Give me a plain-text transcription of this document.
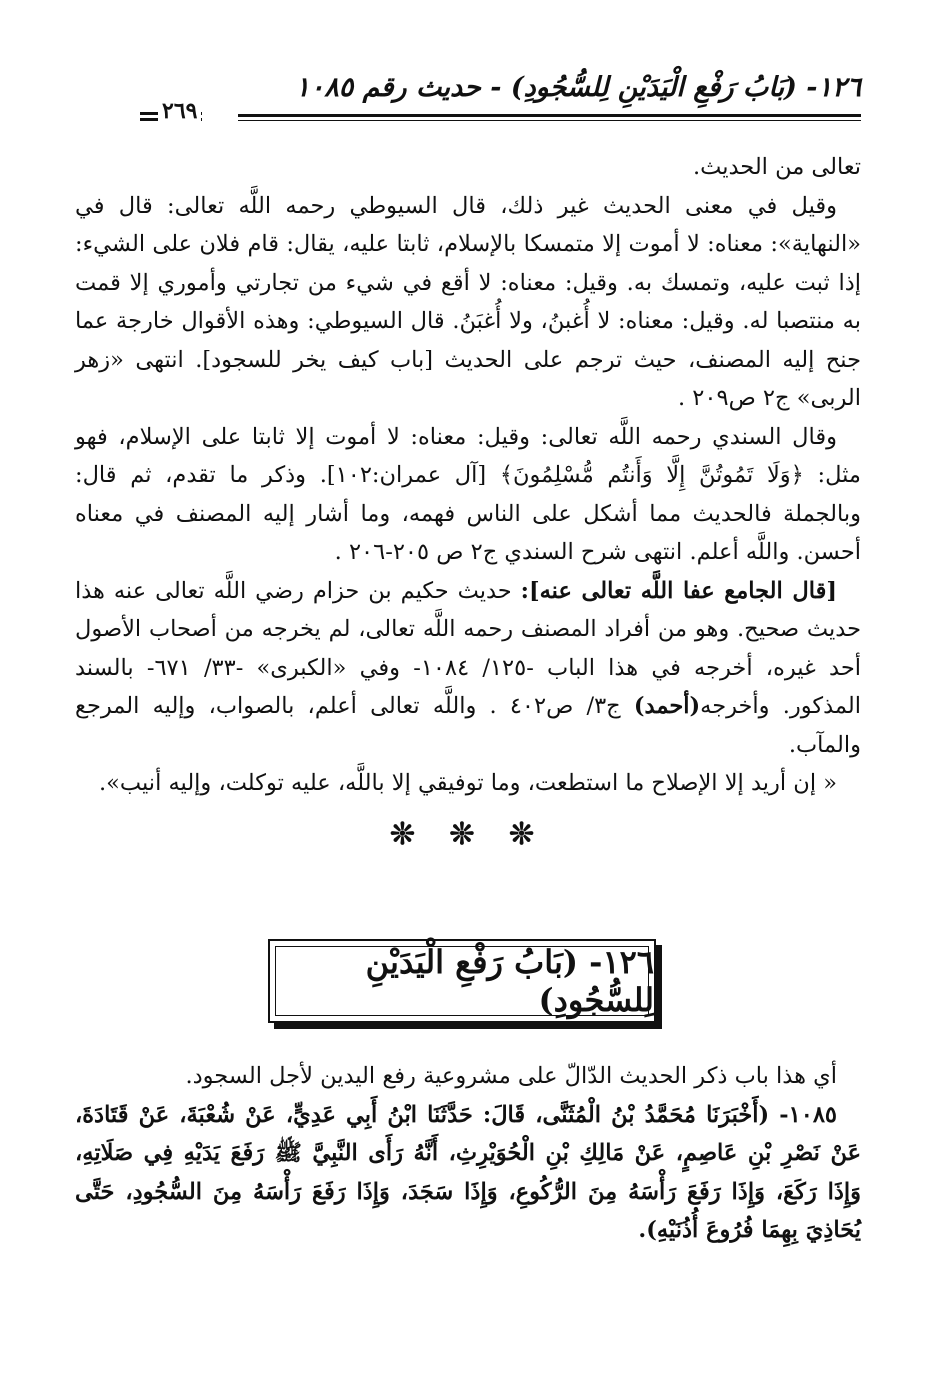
١٢٦- (بَابُ رَفْعِ الْيَدَيْنِ لِلسُّجُودِ) - حديث رقم ١٠٨٥
٢٦٩

تعالى من الحديث.

وقيل في معنى الحديث غير ذلك، قال السيوطي رحمه اللَّه تعالى: قال في «النهاية»: معناه: لا أموت إلا متمسكا بالإسلام، ثابتا عليه، يقال: قام فلان على الشيء: إذا ثبت عليه، وتمسك به. وقيل: معناه: لا أقع في شيء من تجارتي وأموري إلا قمت به منتصبا له. وقيل: معناه: لا أُغبنُ، ولا أُغبَنُ. قال السيوطي: وهذه الأقوال خارجة عما جنح إليه المصنف، حيث ترجم على الحديث [باب كيف يخر للسجود]. انتهى «زهر الربى» ج٢ ص٢٠٩ .

وقال السندي رحمه اللَّه تعالى: وقيل: معناه: لا أموت إلا ثابتا على الإسلام، فهو مثل: ﴿وَلَا تَمُوتُنَّ إِلَّا وَأَنتُم مُّسْلِمُونَ﴾ [آل عمران:١٠٢]. وذكر ما تقدم، ثم قال: وبالجملة فالحديث مما أشكل على الناس فهمه، وما أشار إليه المصنف في معناه أحسن. واللَّه أعلم. انتهى شرح السندي ج٢ ص ٢٠٥-٢٠٦ .

[قال الجامع عفا اللَّه تعالى عنه]: حديث حكيم بن حزام رضي اللَّه تعالى عنه هذا حديث صحيح. وهو من أفراد المصنف رحمه اللَّه تعالى، لم يخرجه من أصحاب الأصول أحد غيره، أخرجه في هذا الباب -١٢٥/ ١٠٨٤- وفي «الكبرى» -٣٣/ ٦٧١- بالسند المذكور. وأخرجه(أحمد) ج٣/ ص٤٠٢ . واللَّه تعالى أعلم، بالصواب، وإليه المرجع والمآب.

« إن أريد إلا الإصلاح ما استطعت، وما توفيقي إلا باللَّه، عليه توكلت، وإليه أنيب».

❊ ❊ ❊

١٢٦- (بَابُ رَفْعِ الْيَدَيْنِ لِلسُّجُودِ)

أي هذا باب ذكر الحديث الدّالّ على مشروعية رفع اليدين لأجل السجود.

١٠٨٥- (أَخْبَرَنَا مُحَمَّدُ بْنُ الْمُثَنَّى، قَالَ: حَدَّثَنَا ابْنُ أَبِي عَدِيٍّ، عَنْ شُعْبَةَ، عَنْ قَتَادَةَ، عَنْ نَصْرِ بْنِ عَاصِمٍ، عَنْ مَالِكِ بْنِ الْحُوَيْرِثِ، أَنَّهُ رَأَى النَّبِيَّ ﷺ رَفَعَ يَدَيْهِ فِي صَلَاتِهِ، وَإِذَا رَكَعَ، وَإِذَا رَفَعَ رَأْسَهُ مِنَ الرُّكُوعِ، وَإِذَا سَجَدَ، وَإِذَا رَفَعَ رَأْسَهُ مِنَ السُّجُودِ، حَتَّى يُحَاذِيَ بِهِمَا فُرُوعَ أُذُنَيْهِ).
